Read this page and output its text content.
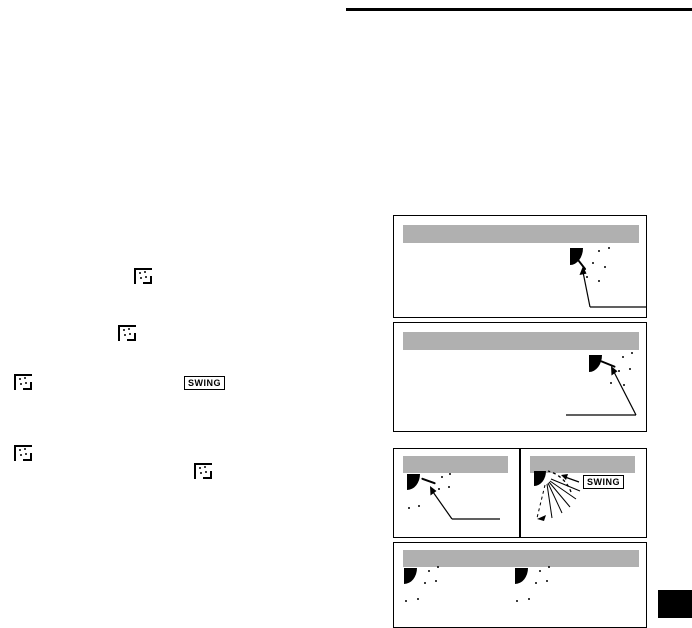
SWING
SWING
